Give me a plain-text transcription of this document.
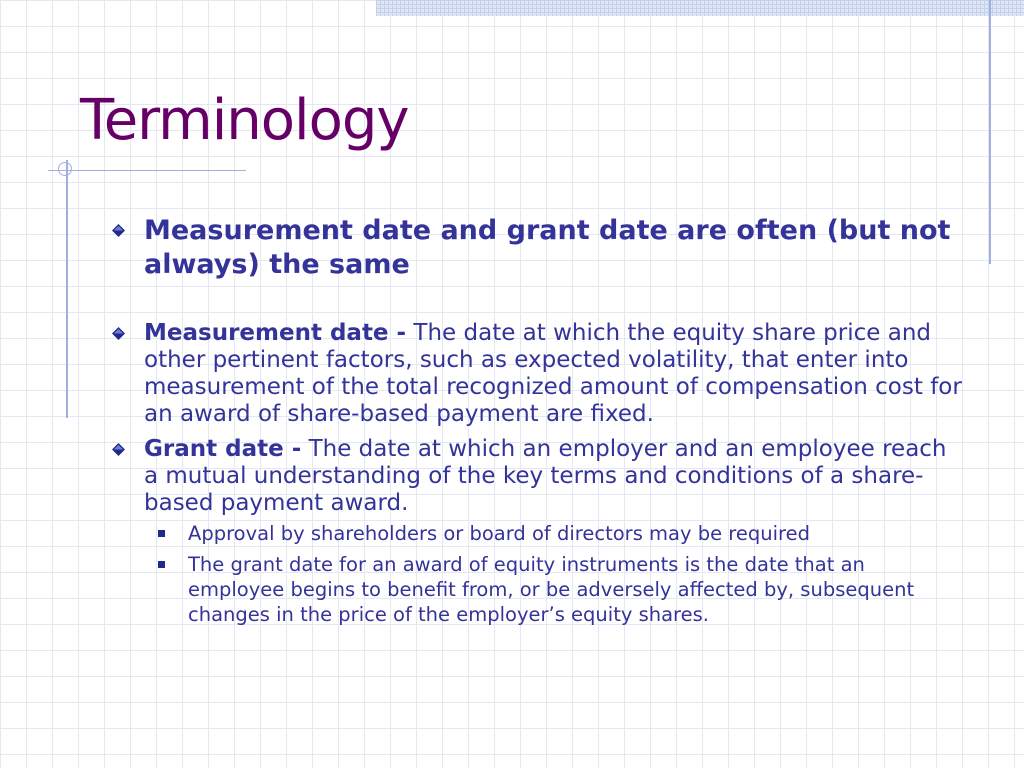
Terminology
Measurement date and grant date are often (but not always) the same
Measurement date - The date at which the equity share price and other pertinent factors, such as expected volatility, that enter into measurement of the total recognized amount of compensation cost for an award of share-based payment are fixed.
Grant date - The date at which an employer and an employee reach a mutual understanding of the key terms and conditions of a share-based payment award.
Approval by shareholders or board of directors may be required
The grant date for an award of equity instruments is the date that an employee begins to benefit from, or be adversely affected by, subsequent changes in the price of the employer’s equity shares.
